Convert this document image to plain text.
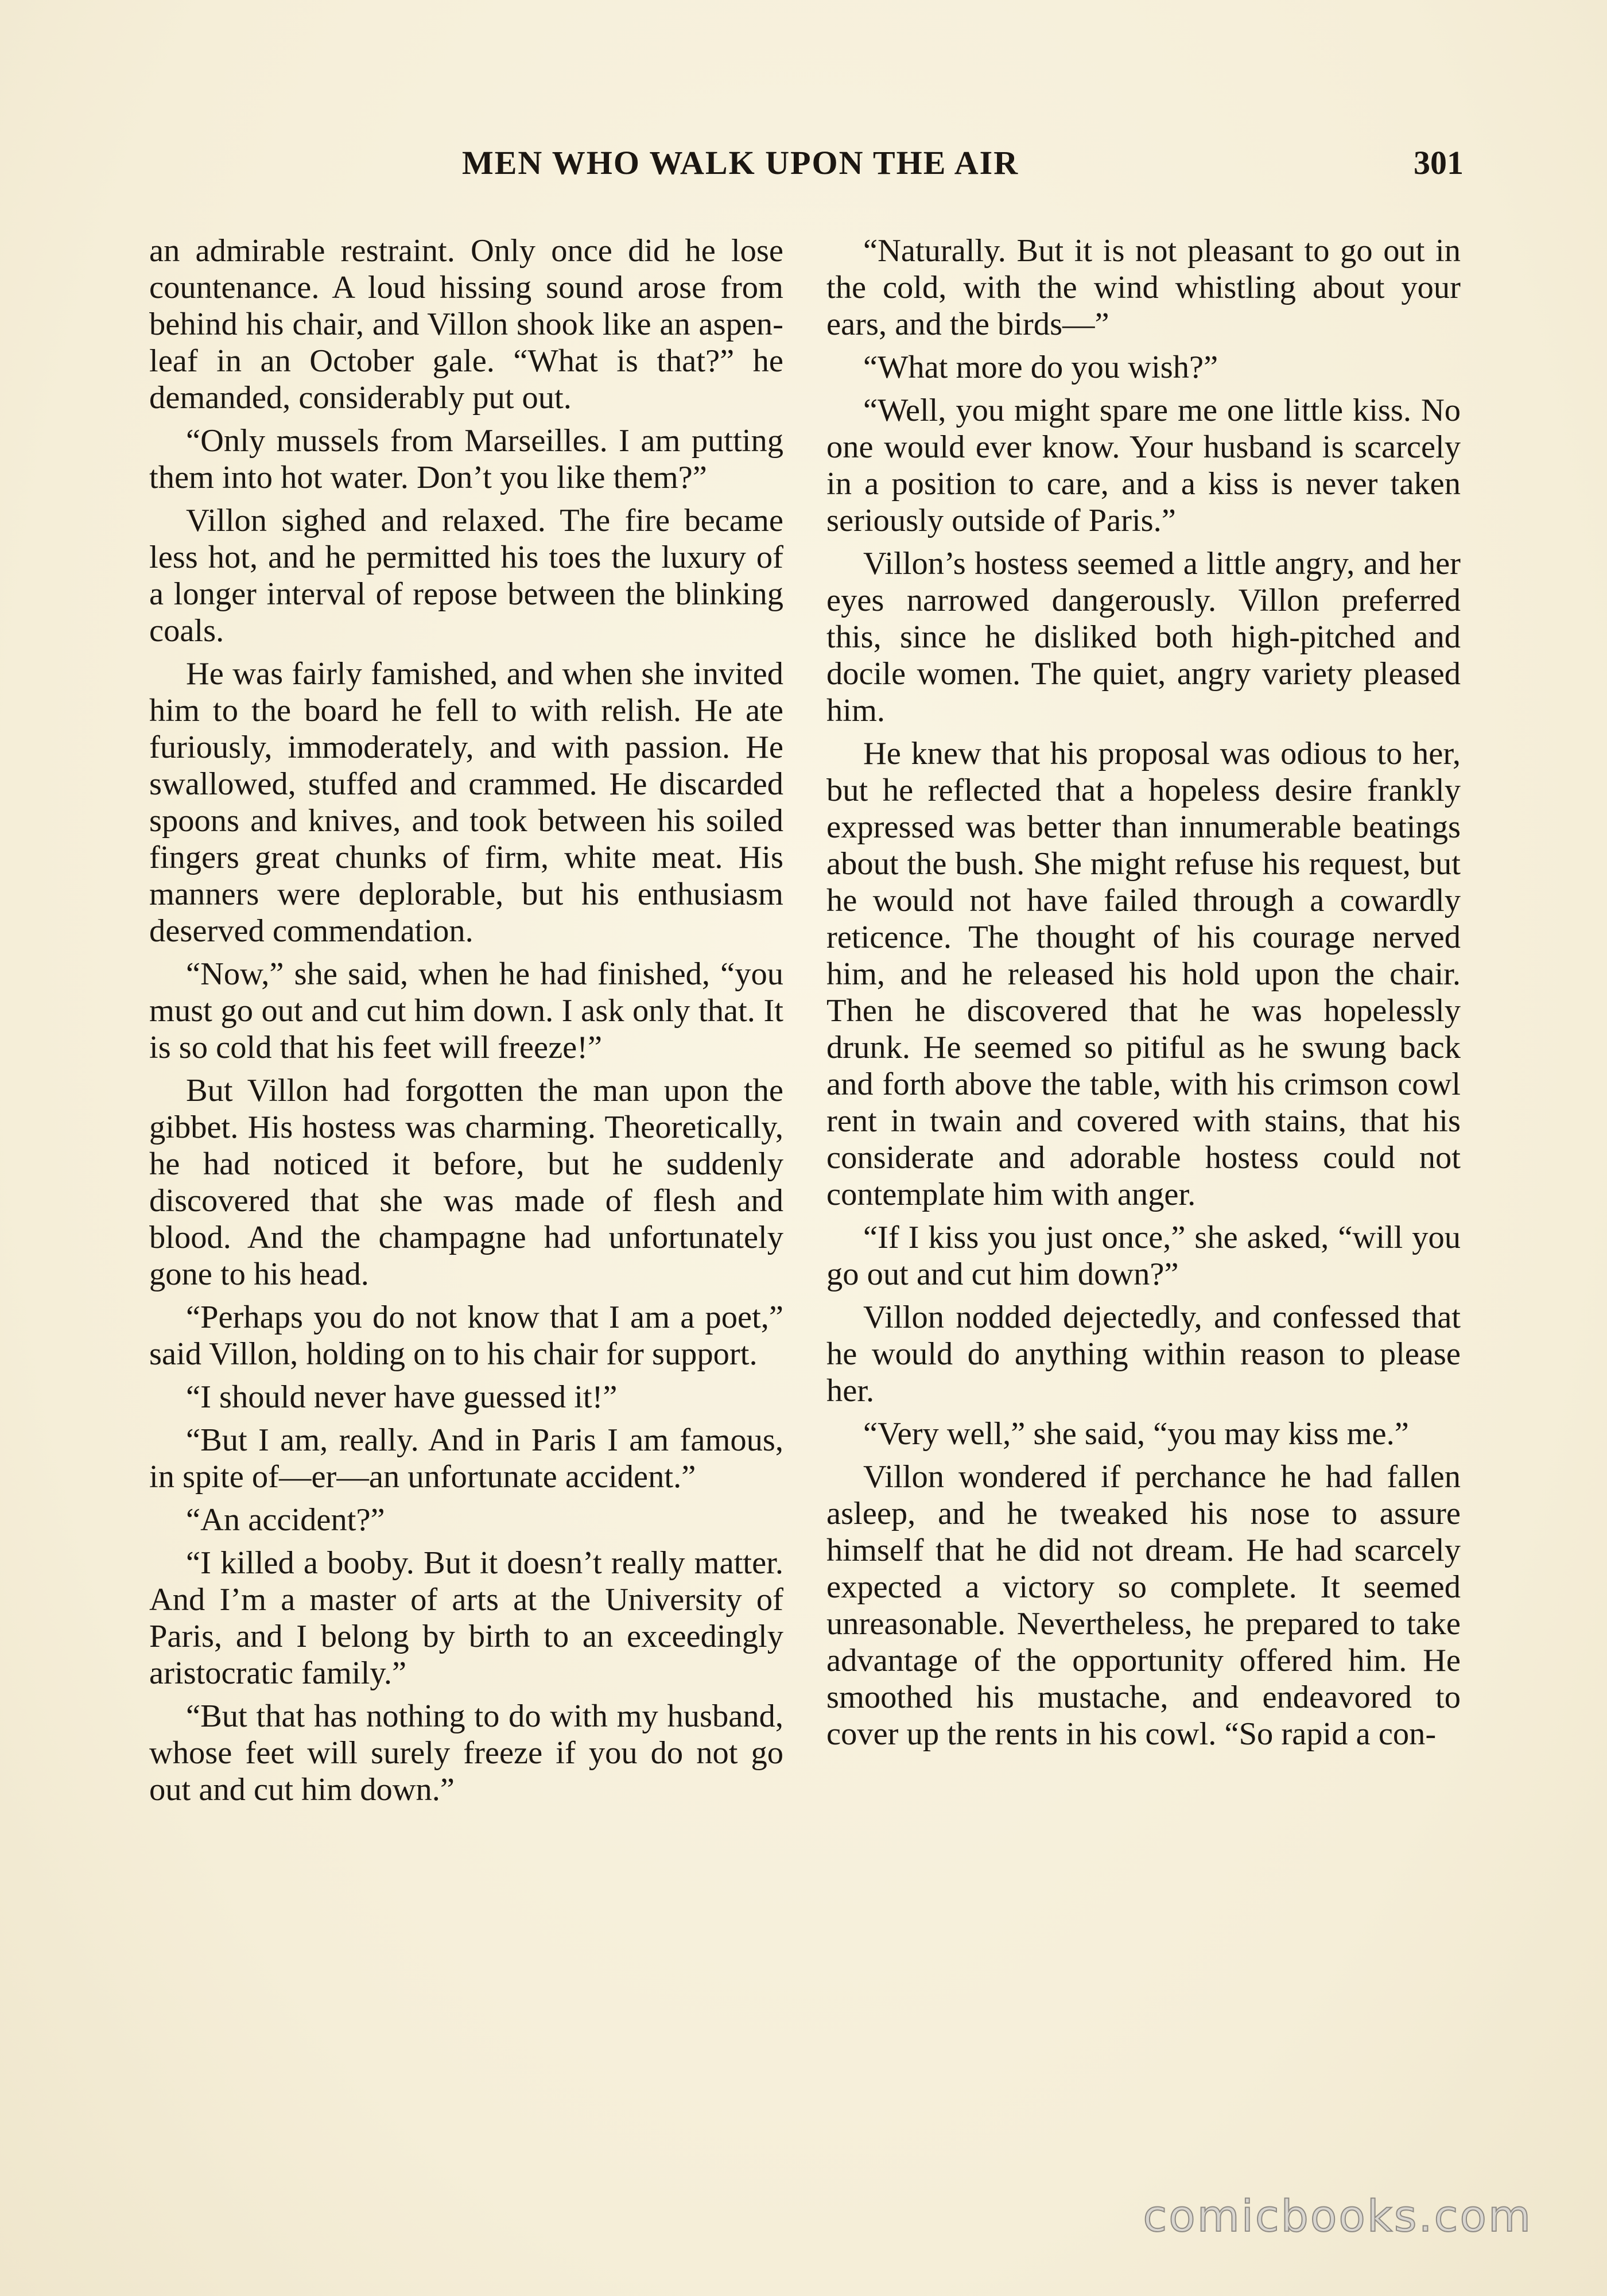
MEN WHO WALK UPON THE AIR	301

an admirable restraint. Only once did he lose countenance. A loud hissing sound arose from behind his chair, and Villon shook like an aspen-leaf in an October gale. “What is that?” he demanded, considerably put out.

“Only mussels from Marseilles. I am putting them into hot water. Don’t you like them?”

Villon sighed and relaxed. The fire became less hot, and he permitted his toes the luxury of a longer interval of repose between the blinking coals.

He was fairly famished, and when she invited him to the board he fell to with relish. He ate furiously, immoderately, and with passion. He swallowed, stuffed and crammed. He discarded spoons and knives, and took between his soiled fingers great chunks of firm, white meat. His manners were deplorable, but his enthusiasm deserved commendation.

“Now,” she said, when he had finished, “you must go out and cut him down. I ask only that. It is so cold that his feet will freeze!”

But Villon had forgotten the man upon the gibbet. His hostess was charming. Theoretically, he had noticed it before, but he suddenly discovered that she was made of flesh and blood. And the champagne had unfortunately gone to his head.

“Perhaps you do not know that I am a poet,” said Villon, holding on to his chair for support.

“I should never have guessed it!”

“But I am, really. And in Paris I am famous, in spite of—er—an unfortunate accident.”

“An accident?”

“I killed a booby. But it doesn’t really matter. And I’m a master of arts at the University of Paris, and I belong by birth to an exceedingly aristocratic family.”

“But that has nothing to do with my husband, whose feet will surely freeze if you do not go out and cut him down.”

“Naturally. But it is not pleasant to go out in the cold, with the wind whistling about your ears, and the birds—”

“What more do you wish?”

“Well, you might spare me one little kiss. No one would ever know. Your husband is scarcely in a position to care, and a kiss is never taken seriously outside of Paris.”

Villon’s hostess seemed a little angry, and her eyes narrowed dangerously. Villon preferred this, since he disliked both high-pitched and docile women. The quiet, angry variety pleased him.

He knew that his proposal was odious to her, but he reflected that a hopeless desire frankly expressed was better than innumerable beatings about the bush. She might refuse his request, but he would not have failed through a cowardly reticence. The thought of his courage nerved him, and he released his hold upon the chair. Then he discovered that he was hopelessly drunk. He seemed so pitiful as he swung back and forth above the table, with his crimson cowl rent in twain and covered with stains, that his considerate and adorable hostess could not contemplate him with anger.

“If I kiss you just once,” she asked, “will you go out and cut him down?”

Villon nodded dejectedly, and confessed that he would do anything within reason to please her.

“Very well,” she said, “you may kiss me.”

Villon wondered if perchance he had fallen asleep, and he tweaked his nose to assure himself that he did not dream. He had scarcely expected a victory so complete. It seemed unreasonable. Nevertheless, he prepared to take advantage of the opportunity offered him. He smoothed his mustache, and endeavored to cover up the rents in his cowl. “So rapid a con-

comicbooks.com
